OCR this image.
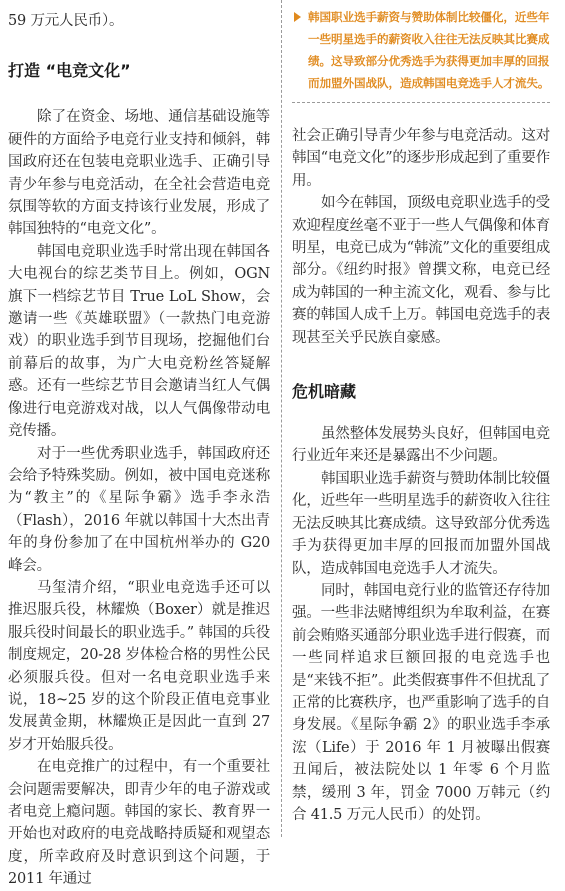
59 万元人民币）。

打造 “电竞文化”

除了在资金、场地、通信基础设施等硬件的方面给予电竞行业支持和倾斜，韩国政府还在包装电竞职业选手、正确引导青少年参与电竞活动，在全社会营造电竞氛围等软的方面支持该行业发展，形成了韩国独特的“电竞文化”。

韩国电竞职业选手时常出现在韩国各大电视台的综艺类节目上。例如，OGN 旗下一档综艺节目 True LoL Show，会邀请一些《英雄联盟》（一款热门电竞游戏）的职业选手到节目现场，挖掘他们台前幕后的故事，为广大电竞粉丝答疑解惑。还有一些综艺节目会邀请当红人气偶像进行电竞游戏对战，以人气偶像带动电竞传播。

对于一些优秀职业选手，韩国政府还会给予特殊奖励。例如，被中国电竞迷称为“教主”的《星际争霸》选手李永浩（Flash），2016 年就以韩国十大杰出青年的身份参加了在中国杭州举办的 G20 峰会。

马玺清介绍，“职业电竞选手还可以推迟服兵役，林耀焕（Boxer）就是推迟服兵役时间最长的职业选手。” 韩国的兵役制度规定，20-28 岁体检合格的男性公民必须服兵役。但对一名电竞职业选手来说，18~25 岁的这个阶段正值电竞事业发展黄金期，林耀焕正是因此一直到 27 岁才开始服兵役。

在电竞推广的过程中，有一个重要社会问题需要解决，即青少年的电子游戏或者电竞上瘾问题。韩国的家长、教育界一开始也对政府的电竞战略持质疑和观望态度，所幸政府及时意识到这个问题，于 2011 年通过

韩国职业选手薪资与赞助体制比较僵化，近些年一些明星选手的薪资收入往往无法反映其比赛成绩。这导致部分优秀选手为获得更加丰厚的回报而加盟外国战队，造成韩国电竞选手人才流失。

社会正确引导青少年参与电竞活动。这对韩国“电竞文化”的逐步形成起到了重要作用。

如今在韩国，顶级电竞职业选手的受欢迎程度丝毫不亚于一些人气偶像和体育明星，电竞已成为“韩流”文化的重要组成部分。《纽约时报》曾撰文称，电竞已经成为韩国的一种主流文化，观看、参与比赛的韩国人成千上万。韩国电竞选手的表现甚至关乎民族自豪感。

危机暗藏

虽然整体发展势头良好，但韩国电竞行业近年来还是暴露出不少问题。

韩国职业选手薪资与赞助体制比较僵化，近些年一些明星选手的薪资收入往往无法反映其比赛成绩。这导致部分优秀选手为获得更加丰厚的回报而加盟外国战队，造成韩国电竞选手人才流失。

同时，韩国电竞行业的监管还存待加强。一些非法赌博组织为牟取利益，在赛前会贿赂买通部分职业选手进行假赛，而一些同样追求巨额回报的电竞选手也是“来钱不拒”。此类假赛事件不但扰乱了正常的比赛秩序，也严重影响了选手的自身发展。《星际争霸 2》的职业选手李承浤（Life）于 2016 年 1 月被曝出假赛丑闻后，被法院处以 1 年零 6 个月监禁，缓刑 3 年，罚金 7000 万韩元（约合 41.5 万元人民币）的处罚。
